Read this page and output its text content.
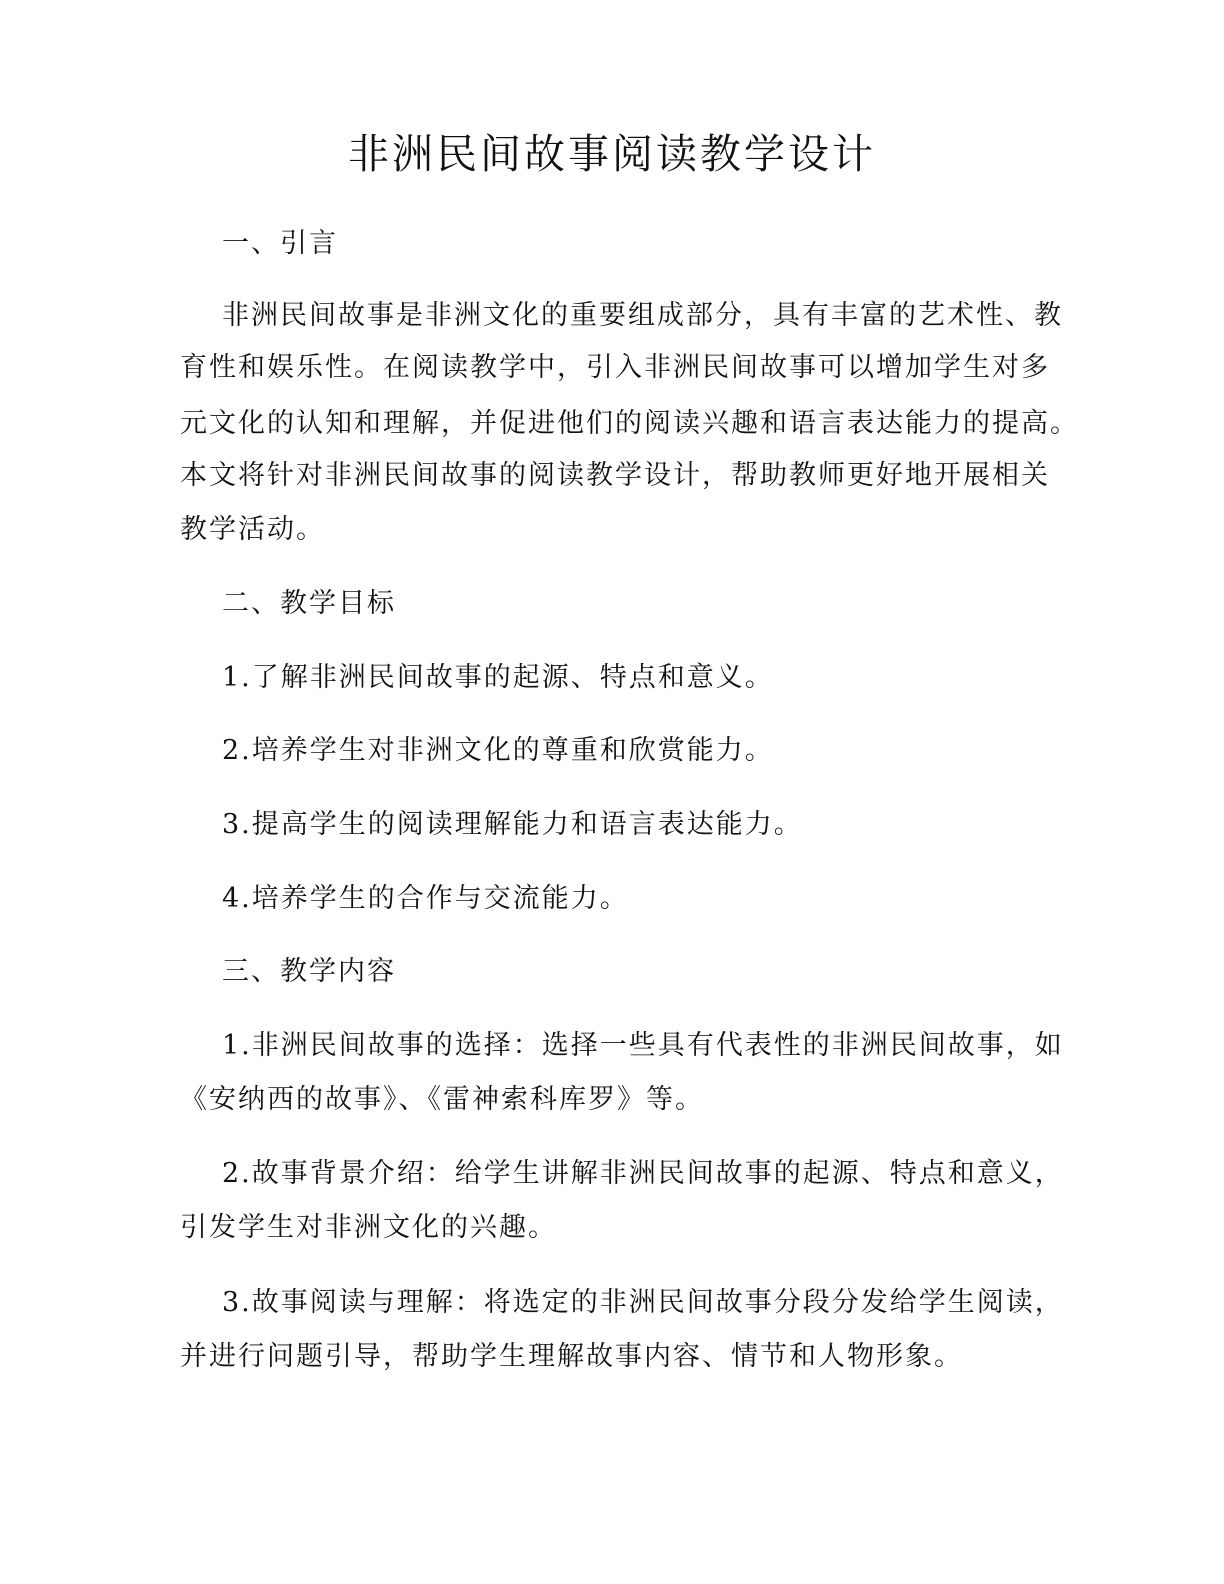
非洲民间故事阅读教学设计

一、引言

非洲民间故事是非洲文化的重要组成部分，具有丰富的艺术性、教

育性和娱乐性。在阅读教学中，引入非洲民间故事可以增加学生对多

元文化的认知和理解，并促进他们的阅读兴趣和语言表达能力的提高。

本文将针对非洲民间故事的阅读教学设计，帮助教师更好地开展相关

教学活动。

二、教学目标

1.了解非洲民间故事的起源、特点和意义。

2.培养学生对非洲文化的尊重和欣赏能力。

3.提高学生的阅读理解能力和语言表达能力。

4.培养学生的合作与交流能力。

三、教学内容

1.非洲民间故事的选择：选择一些具有代表性的非洲民间故事，如

《安纳西的故事》、《雷神索科库罗》等。

2.故事背景介绍：给学生讲解非洲民间故事的起源、特点和意义，

引发学生对非洲文化的兴趣。

3.故事阅读与理解：将选定的非洲民间故事分段分发给学生阅读，

并进行问题引导，帮助学生理解故事内容、情节和人物形象。
